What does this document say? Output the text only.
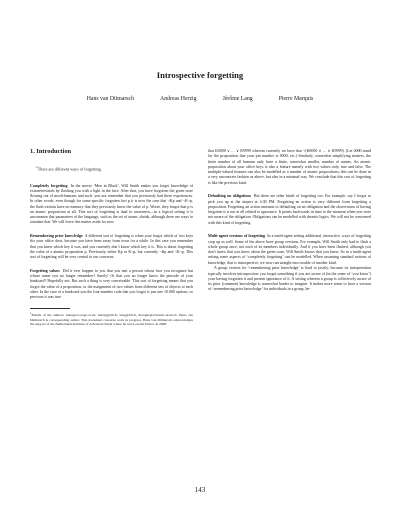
Introspective forgetting
Hans van Ditmarsch	Andreas Herzig	Jérôme Lang	Pierre Marquis
1. Introduction
$^1$There are different ways of forgetting.

Completely forgetting In the movie ‘Men in Black’, Will Smith makes you forget knowledge of extraterrestrials by flashing you with a light in the face. After that, you have forgotten the green ooze flowing out of mock-humans and such: you not remember that you previously had these experiences. In other words, even though for some specific forgotten fact p it is now the case that ¬Kp and ¬K¬p, the flash victims have no memory that they previously knew the value of p. Worse, they forgot that p is an atomic proposition at all. This sort of forgetting is dual to awareness—in a logical setting it is uncommon that parameters of the language, such as the set of atoms, shrink, although there are ways to simulate that. We will leave this matter aside for now.

Remembering prior knowledge A different sort of forgetting is when your forgot which of two keys fits your office door, because you have been away from town for a while. In this case you remember that you knew which key it was, and you currently don’t know which key it is. This is about forgetting the value of a atomic proposition p. Previously, either Kp or K¬p, but currently ¬Kp and ¬K¬p. This sort of forgetting will be very central to our concerns.

Forgetting values Did it ever happen to you that you met a person whose face you recognize but whose name you no longer remember? Surely! Or that you no longer know the pincode of your bankcard? Hopefully not. But such a thing is very conceivable. This sort of forgetting means that you forgot the value of a proposition, or the assignment of two values from different sets of objects to each other. In the case of a bankcard you the four-number code that you forgot is just one 10.000 options, so previous it was true

$^1$Emails of the authors: hans@cs.otago.ac.nz, herzig@irit.fr, lang@irit.fr, marquis@cril.univ-artois.fr. Hans van Ditmarsch is corresponding author. This document concerns work in progress. Hans van Ditmarsch acknowledges the support of the Netherlands Institute of Advanced Study where he was Lorentz Fellow in 2008.

that K0000 ∨ … ∨ K9999 whereas currently we have that ¬(K0000 ∨ … ∨ K9999). (Let 0000 stand for the proposition that your pin number is 0000, etc.) Similarly, somewhat simplifying matters, the finite number of all humans only have a finite, somewhat smaller, number of names. An atomic proposition about your office keys is also a feature namely with two values only, true and false. The multiple-valued features can also be modelled as a number of atomic propositions; this can be done in a very unconcrete fashion as above, but also in a minimal way. We conclude that this sort of forgetting is like the previous kind.

Defaulting on obligations But there are other kinds of forgetting too. For example, say I forgot to pick you up at the airport at 4:30 PM. Forgetting an action is very different from forgetting a proposition. Forgetting an action amounts to defaulting on an obligation and the observation of having forgotten it is not at all related to ignorance. It points backwards in time to the moment when you were not aware of the obligation. Obligations can be modelled with deontic logics. We will not be concerned with this kind of forgetting.

Multi-agent versions of forgetting In a multi-agent setting additional, interactive, ways of forgetting crop up as well. Some of the above have group versions. For example, Will Smith only had to flash a whole group once, not each of its members individually. And if you have been flashed, although you don’t know that you knew about the green ooze, Will Smith knows that you knew. So in a multi-agent setting some aspects of ‘completely forgetting’ can be modelled. When assuming standard notions of knowledge, that is introspective, we now run straight into trouble of another kind.

A group version for ‘remembering prior knowledge’ is hard to justify, because its interpretation typically involves introspection: you forgot something if you are aware of (in the sense of ‘you know’) your having forgotten it and present ignorance of it. A setting wherein a group is collectively aware of its prior (common) knowledge is somewhat harder to imagine. It makes more sense to have a version of ‘remembering prior knowledge’ for individuals in a group, be-

143
